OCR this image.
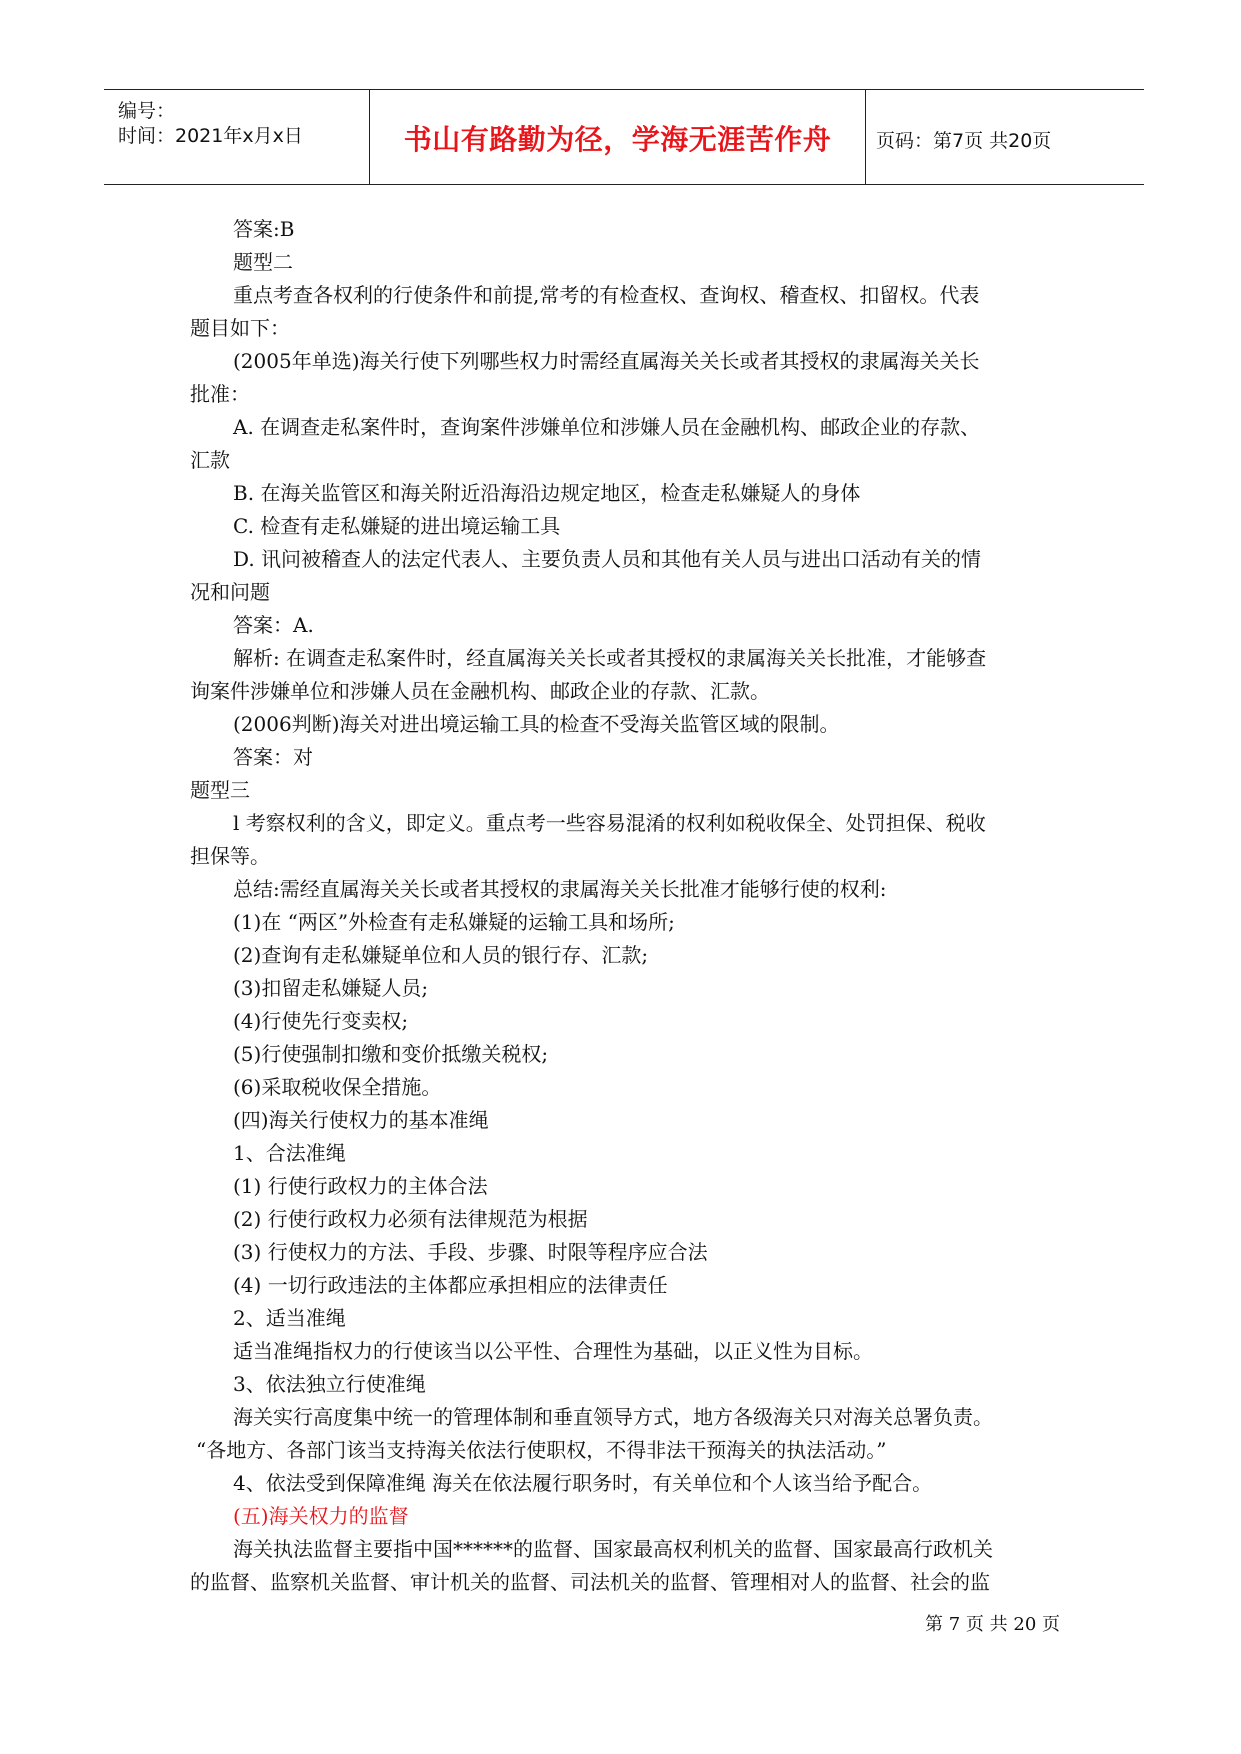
编号：
时间：2021年x月x日	书山有路勤为径，学海无涯苦作舟	页码：第7页 共20页
答案:B
题型二
重点考查各权利的行使条件和前提,常考的有检查权、查询权、稽查权、扣留权。代表
题目如下：
(2005年单选)海关行使下列哪些权力时需经直属海关关长或者其授权的隶属海关关长
批准：
A. 在调查走私案件时，查询案件涉嫌单位和涉嫌人员在金融机构、邮政企业的存款、
汇款
B. 在海关监管区和海关附近沿海沿边规定地区，检查走私嫌疑人的身体
C. 检查有走私嫌疑的进出境运输工具
D. 讯问被稽查人的法定代表人、主要负责人员和其他有关人员与进出口活动有关的情
况和问题
答案：A.
解析: 在调查走私案件时，经直属海关关长或者其授权的隶属海关关长批准，才能够查
询案件涉嫌单位和涉嫌人员在金融机构、邮政企业的存款、汇款。
(2006判断)海关对进出境运输工具的检查不受海关监管区域的限制。
答案：对
题型三
l 考察权利的含义，即定义。重点考一些容易混淆的权利如税收保全、处罚担保、税收
担保等。
总结:需经直属海关关长或者其授权的隶属海关关长批准才能够行使的权利:
(1)在 “两区”外检查有走私嫌疑的运输工具和场所;
(2)查询有走私嫌疑单位和人员的银行存、汇款;
(3)扣留走私嫌疑人员;
(4)行使先行变卖权;
(5)行使强制扣缴和变价抵缴关税权;
(6)采取税收保全措施。
(四)海关行使权力的基本准绳
1、合法准绳
(1) 行使行政权力的主体合法
(2) 行使行政权力必须有法律规范为根据
(3) 行使权力的方法、手段、步骤、时限等程序应合法
(4) 一切行政违法的主体都应承担相应的法律责任
2、适当准绳
适当准绳指权力的行使该当以公平性、合理性为基础，以正义性为目标。
3、依法独立行使准绳
海关实行高度集中统一的管理体制和垂直领导方式，地方各级海关只对海关总署负责。
“各地方、各部门该当支持海关依法行使职权，不得非法干预海关的执法活动。”
4、依法受到保障准绳 海关在依法履行职务时，有关单位和个人该当给予配合。
(五)海关权力的监督
海关执法监督主要指中国******的监督、国家最高权利机关的监督、国家最高行政机关
的监督、监察机关监督、审计机关的监督、司法机关的监督、管理相对人的监督、社会的监
第 7 页 共 20 页
